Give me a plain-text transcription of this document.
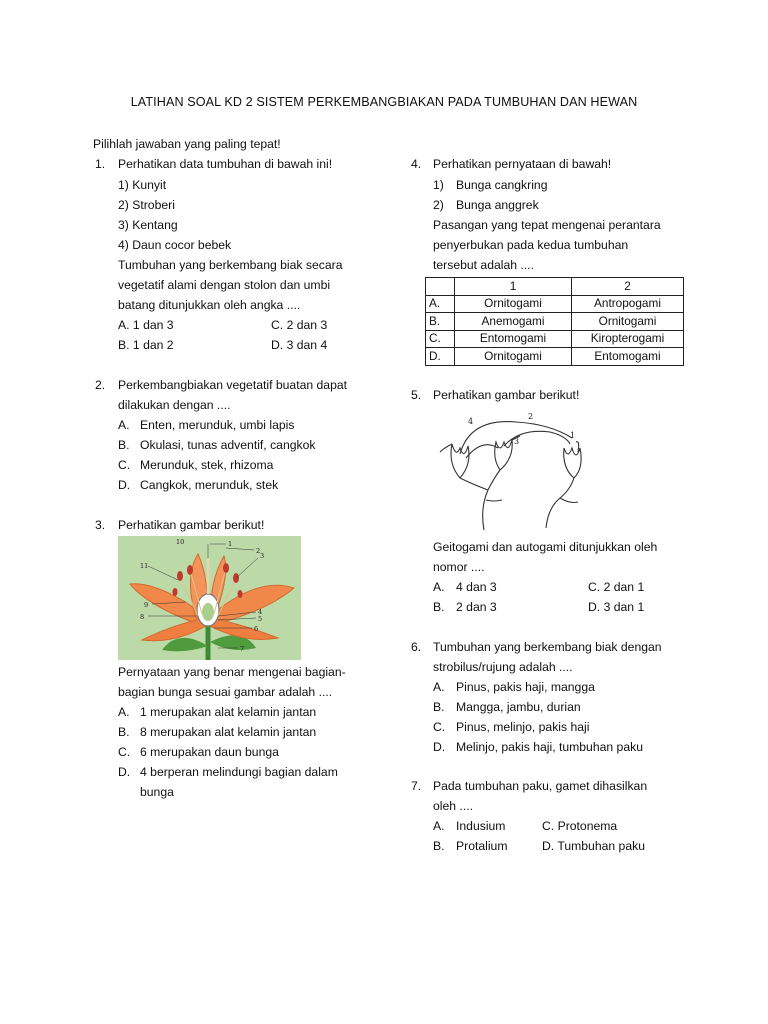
LATIHAN SOAL KD 2 SISTEM PERKEMBANGBIAKAN PADA TUMBUHAN DAN HEWAN
Pilihlah jawaban yang paling tepat!
1. Perhatikan data tumbuhan di bawah ini!
1) Kunyit
2) Stroberi
3) Kentang
4) Daun cocor bebek
Tumbuhan yang berkembang biak secara
vegetatif alami dengan stolon dan umbi
batang ditunjukkan oleh angka ....
A. 1 dan 3	C. 2 dan 3
B. 1 dan 2	D. 3 dan 4
2. Perkembangbiakan vegetatif buatan dapat
dilakukan dengan ....
A. Enten, merunduk, umbi lapis
B. Okulasi, tunas adventif, cangkok
C. Merunduk, stek, rhizoma
D. Cangkok, merunduk, stek
3. Perhatikan gambar berikut!
10	1
2
3
11
9
8
4
5
6
7
Pernyataan yang benar mengenai bagian-
bagian bunga sesuai gambar adalah ....
A. 1 merupakan alat kelamin jantan
B. 8 merupakan alat kelamin jantan
C. 6 merupakan daun bunga
D. 4 berperan melindungi bagian dalam
bunga
4. Perhatikan pernyataan di bawah!
1) Bunga cangkring
2) Bunga anggrek
Pasangan yang tepat mengenai perantara
penyerbukan pada kedua tumbuhan
tersebut adalah ....
	1	2
A.	Ornitogami	Antropogami
B.	Anemogami	Ornitogami
C.	Entomogami	Kiropterogami
D.	Ornitogami	Entomogami
5. Perhatikan gambar berikut!
4
2
3
1
Geitogami dan autogami ditunjukkan oleh
nomor ....
A. 4 dan 3	C. 2 dan 1
B. 2 dan 3	D. 3 dan 1
6. Tumbuhan yang berkembang biak dengan
strobilus/rujung adalah ....
A. Pinus, pakis haji, mangga
B. Mangga, jambu, durian
C. Pinus, melinjo, pakis haji
D. Melinjo, pakis haji, tumbuhan paku
7. Pada tumbuhan paku, gamet dihasilkan
oleh ....
A. Indusium	C. Protonema
B. Protalium	D. Tumbuhan paku
